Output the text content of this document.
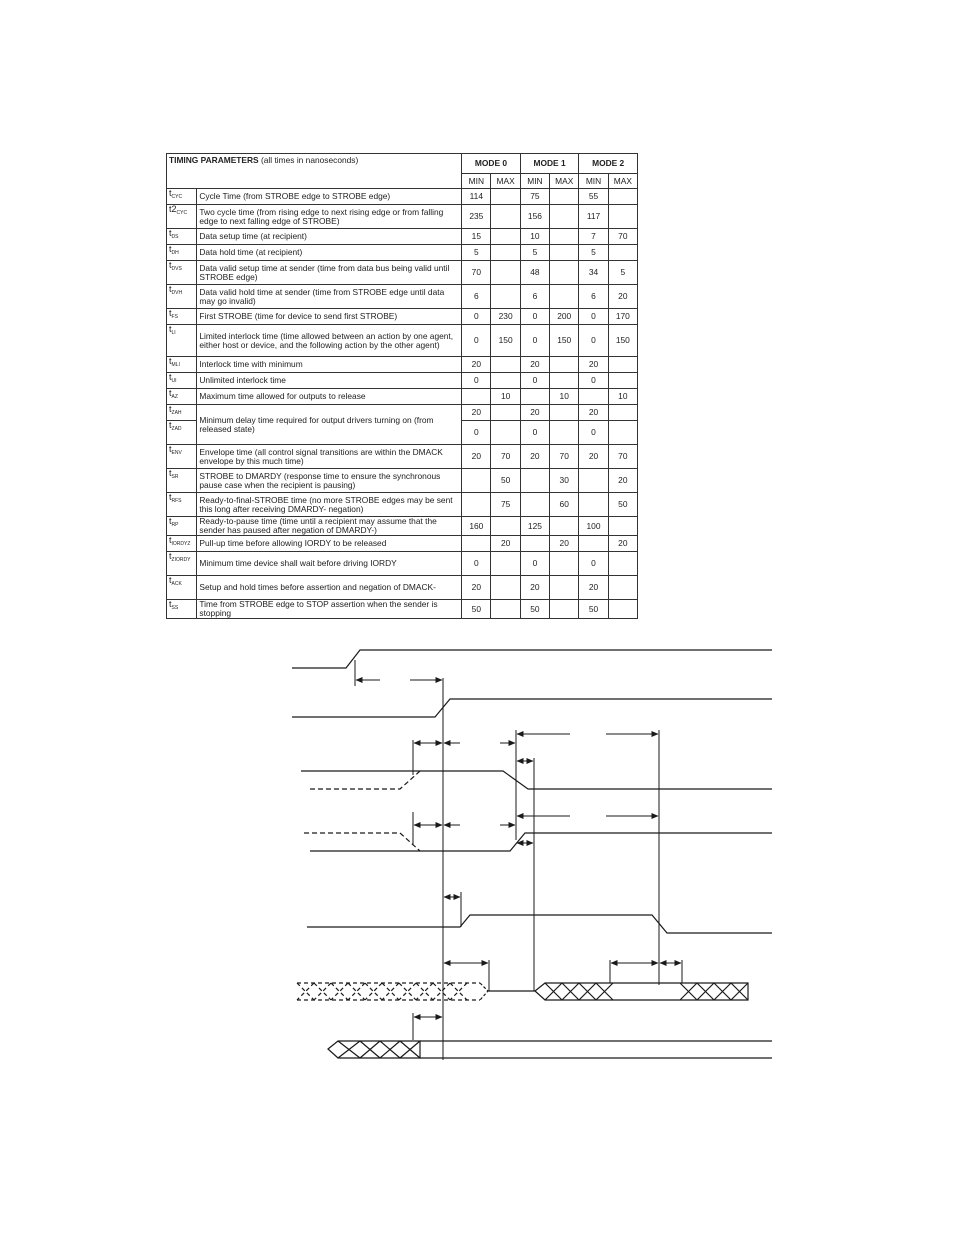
TIMING PARAMETERS (all times in nanoseconds)		MODE 0		MODE 1		MODE 2	
		MIN	MAX	MIN	MAX	MIN	MAX
$t_{CYC}$	Cycle Time (from STROBE edge to STROBE edge)	114		75		55	
$t2_{CYC}$	Two cycle time (from rising edge to next rising edge or from falling edge to next falling edge of STROBE)	235		156		117	
$t_{DS}$	Data setup time (at recipient)	15		10		7	70
$t_{DH}$	Data hold time (at recipient)	5		5		5	
$t_{DVS}$	Data valid setup time at sender (time from data bus being valid until STROBE edge)	70		48		34	5
$t_{DVH}$	Data valid hold time at sender (time from STROBE edge until data may go invalid)	6		6		6	20
$t_{FS}$	First STROBE (time for device to send first STROBE)	0	230	0	200	0	170
$t_{LI}$	Limited interlock time (time allowed between an action by one agent, either host or device, and the following action by the other agent)	0	150	0	150	0	150
$t_{MLI}$	Interlock time with minimum	20		20		20	
$t_{UI}$	Unlimited interlock time	0		0		0	
$t_{AZ}$	Maximum time allowed for outputs to release		10		10		10
$t_{ZAH}$	Minimum delay time required for output drivers turning on (from released state)	20		20		20	
$t_{ZAD}$		0		0		0	
$t_{ENV}$	Envelope time (all control signal transitions are within the DMACK envelope by this much time)	20	70	20	70	20	70
$t_{SR}$	STROBE to DMARDY (response time to ensure the synchronous pause case when the recipient is pausing)		50		30		20
$t_{RFS}$	Ready-to-final-STROBE time (no more STROBE edges may be sent this long after receiving DMARDY- negation)		75		60		50
$t_{RP}$	Ready-to-pause time (time until a recipient may assume that the sender has paused after negation of DMARDY-)	160		125		100	
$t_{IORDYZ}$	Pull-up time before allowing IORDY to be released		20		20		20
$t_{ZIORDY}$	Minimum time device shall wait before driving IORDY	0		0		0	
$t_{ACK}$	Setup and hold times before assertion and negation of DMACK-	20		20		20	
$t_{SS}$	Time from STROBE edge to STOP assertion when the sender is stopping	50		50		50	
